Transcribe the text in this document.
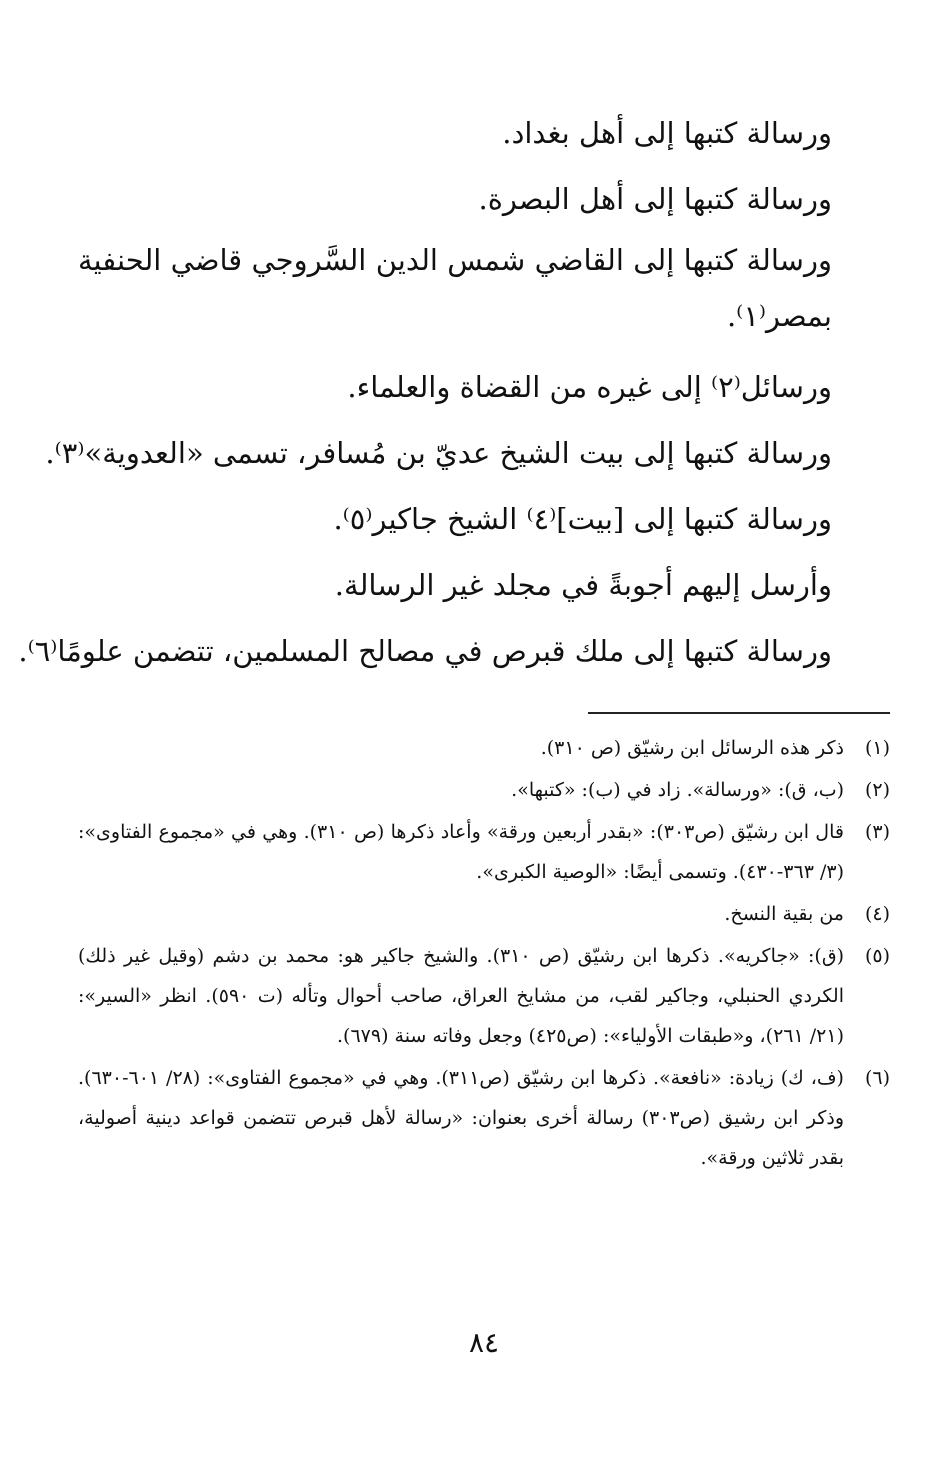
ورسالة كتبها إلى أهل بغداد.

ورسالة كتبها إلى أهل البصرة.

ورسالة كتبها إلى القاضي شمس الدين السَّروجي قاضي الحنفية بمصر⁽١⁾.

ورسائل⁽٢⁾ إلى غيره من القضاة والعلماء.

ورسالة كتبها إلى بيت الشيخ عديّ بن مُسافر، تسمى «العدوية»⁽٣⁾.

ورسالة كتبها إلى [بيت]⁽٤⁾ الشيخ جاكير⁽٥⁾.

وأرسل إليهم أجوبةً في مجلد غير الرسالة.

ورسالة كتبها إلى ملك قبرص في مصالح المسلمين، تتضمن علومًا⁽٦⁾.

(١)
ذكر هذه الرسائل ابن رشيّق (ص ٣١٠).
(٢)
(ب، ق): «ورسالة». زاد في (ب): «كتبها».
(٣)
قال ابن رشيّق (ص٣٠٣): «بقدر أربعين ورقة» وأعاد ذكرها (ص ٣١٠). وهي في «مجموع الفتاوى»: (٣/ ٣٦٣-٤٣٠). وتسمى أيضًا: «الوصية الكبرى».
(٤)
من بقية النسخ.
(٥)
(ق): «جاكريه». ذكرها ابن رشيّق (ص ٣١٠). والشيخ جاكير هو: محمد بن دشم (وقيل غير ذلك) الكردي الحنبلي، وجاكير لقب، من مشايخ العراق، صاحب أحوال وتأله (ت ٥٩٠). انظر «السير»: (٢١/ ٢٦١)، و«طبقات الأولياء»: (ص٤٢٥) وجعل وفاته سنة (٦٧٩).
(٦)
(ف، ك) زيادة: «نافعة». ذكرها ابن رشيّق (ص٣١١). وهي في «مجموع الفتاوى»: (٢٨/ ٦٠١-٦٣٠). وذكر ابن رشيق (ص٣٠٣) رسالة أخرى بعنوان: «رسالة لأهل قبرص تتضمن قواعد دينية أصولية، بقدر ثلاثين ورقة».
٨٤
